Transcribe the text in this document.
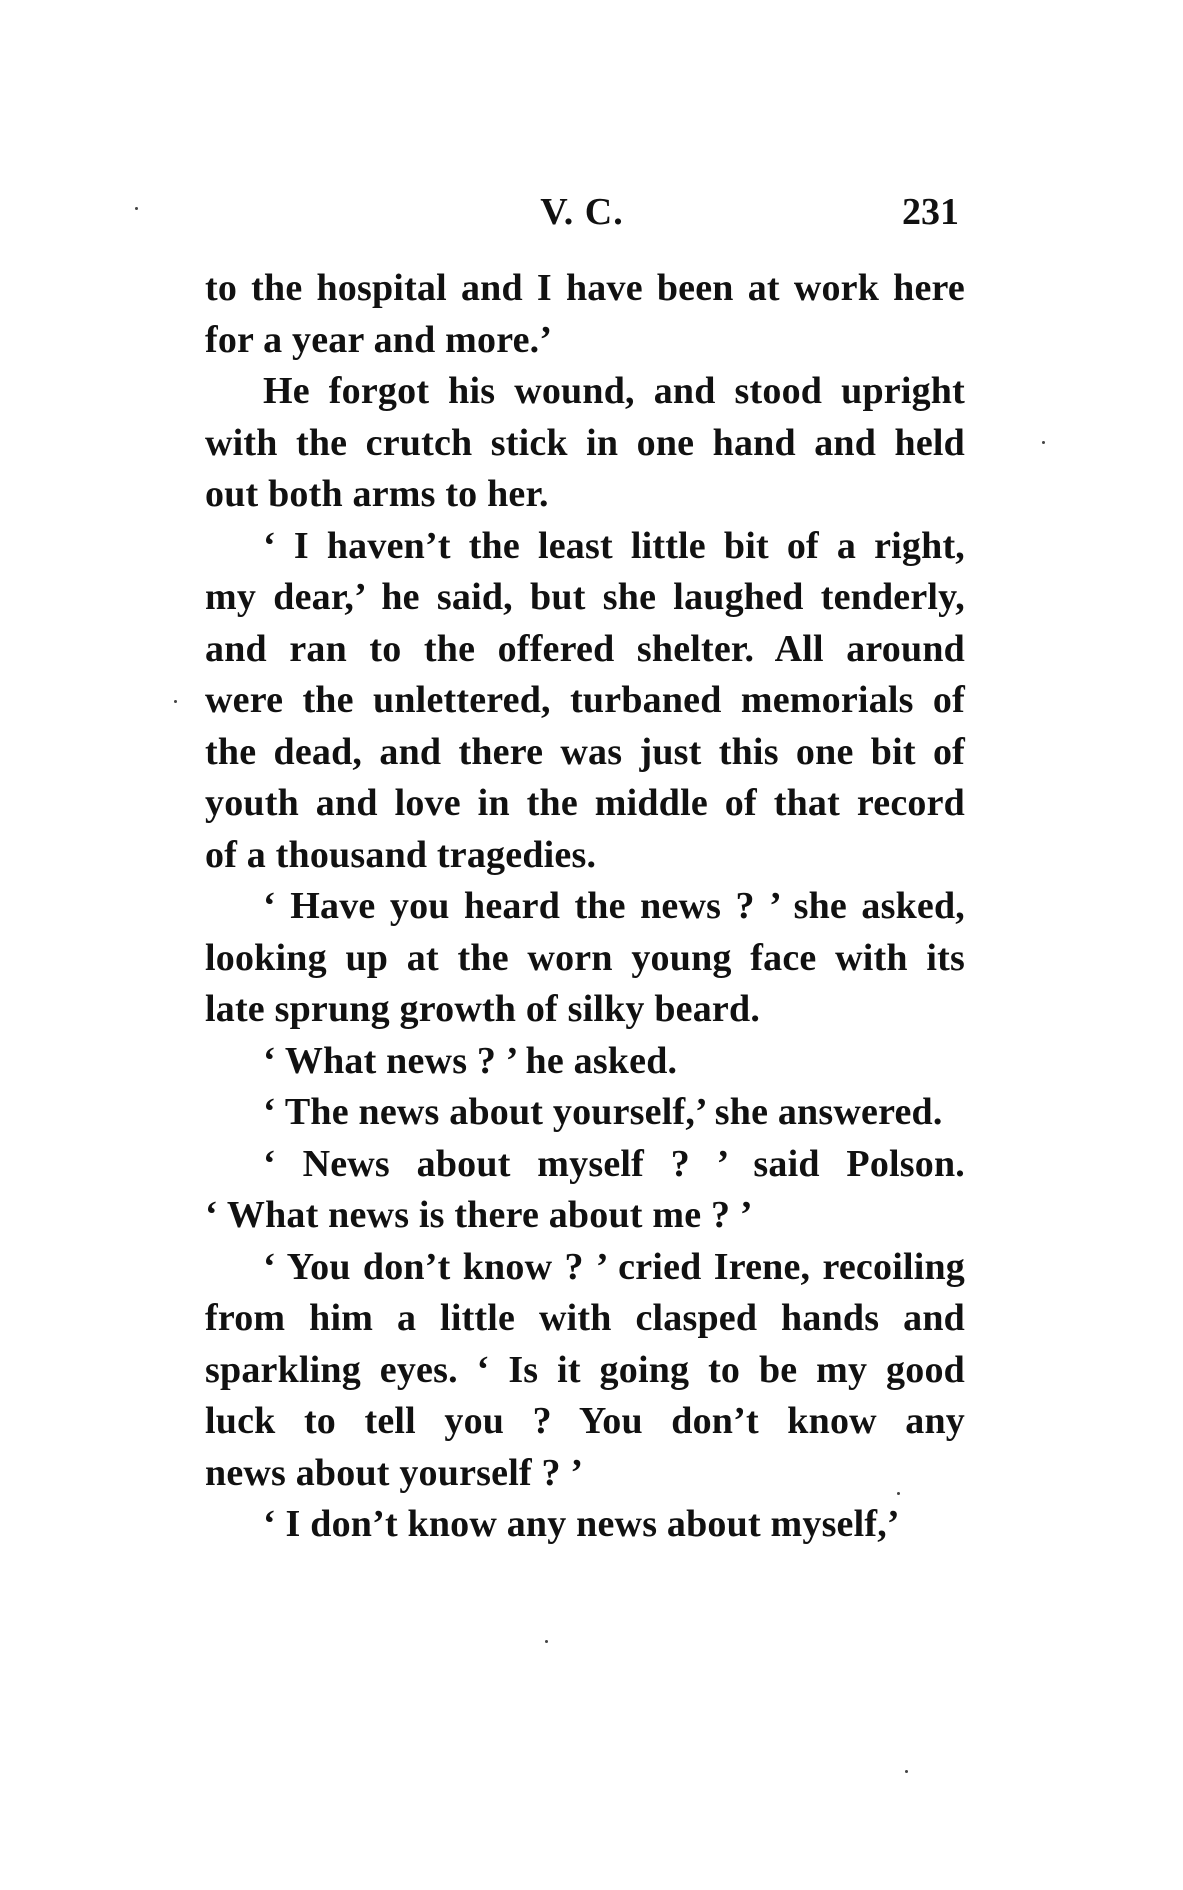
V. C.	231
to the hospital and I have been at work here
for a year and more.’
He forgot his wound, and stood upright
with the crutch stick in one hand and held
out both arms to her.
‘ I haven’t the least little bit of a right,
my dear,’ he said, but she laughed tenderly,
and ran to the offered shelter. All around
were the unlettered, turbaned memorials of
the dead, and there was just this one bit of
youth and love in the middle of that record
of a thousand tragedies.
‘ Have you heard the news ? ’ she asked,
looking up at the worn young face with its
late sprung growth of silky beard.
‘ What news ? ’ he asked.
‘ The news about yourself,’ she answered.
‘ News about myself ? ’ said Polson.
‘ What news is there about me ? ’
‘ You don’t know ? ’ cried Irene, recoiling
from him a little with clasped hands and
sparkling eyes. ‘ Is it going to be my good
luck to tell you ? You don’t know any
news about yourself ? ’
‘ I don’t know any news about myself,’
